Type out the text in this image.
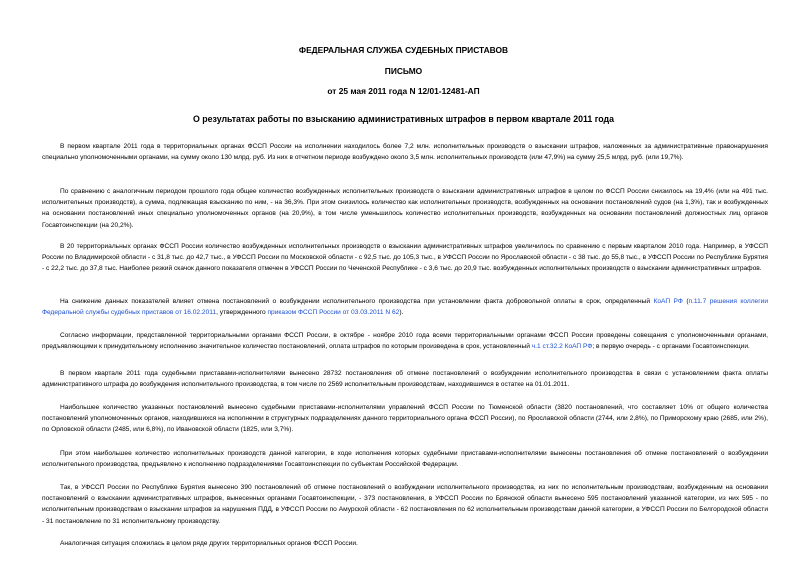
ФЕДЕРАЛЬНАЯ СЛУЖБА СУДЕБНЫХ ПРИСТАВОВ
ПИСЬМО
от 25 мая 2011 года N 12/01-12481-АП
О результатах работы по взысканию административных штрафов в первом квартале 2011 года

В первом квартале 2011 года в территориальных органах ФССП России на исполнении находилось более 7,2 млн. исполнительных производств о взыскании штрафов, наложенных за административные правонарушения специально уполномоченными органами, на сумму около 130 млрд. руб. Из них в отчетном периоде возбуждено около 3,5 млн. исполнительных производств (или 47,9%) на сумму 25,5 млрд. руб. (или 19,7%).

По сравнению с аналогичным периодом прошлого года общее количество возбужденных исполнительных производств о взыскании административных штрафов в целом по ФССП России снизилось на 19,4% (или на 491 тыс. исполнительных производств), а сумма, подлежащая взысканию по ним, - на 36,3%. При этом снизилось количество как исполнительных производств, возбужденных на основании постановлений судов (на 1,3%), так и возбужденных на основании постановлений иных специально уполномоченных органов (на 20,9%), в том числе уменьшилось количество исполнительных производств, возбужденных на основании постановлений должностных лиц органов Госавтоинспекции (на 20,2%).

В 20 территориальных органах ФССП России количество возбужденных исполнительных производств о взыскании административных штрафов увеличилось по сравнению с первым кварталом 2010 года. Например, в УФССП России по Владимирской области - с 31,8 тыс. до 42,7 тыс., в УФССП России по Московской области - с 92,5 тыс. до 105,3 тыс., в УФССП России по Ярославской области - с 38 тыс. до 55,8 тыс., в УФССП России по Республике Бурятия - с 22,2 тыс. до 37,8 тыс. Наиболее резкий скачок данного показателя отмечен в УФССП России по Чеченской Республике - с 3,6 тыс. до 20,9 тыс. возбужденных исполнительных производств о взыскании административных штрафов.

На снижение данных показателей влияет отмена постановлений о возбуждении исполнительного производства при установлении факта добровольной оплаты в срок, определенный КоАП РФ (п.11.7 решения коллегии Федеральной службы судебных приставов от 16.02.2011, утвержденного приказом ФССП России от 03.03.2011 N 62).

Согласно информации, представленной территориальными органами ФССП России, в октябре - ноябре 2010 года всеми территориальными органами ФССП России проведены совещания с уполномоченными органами, предъявляющими к принудительному исполнению значительное количество постановлений, оплата штрафов по которым произведена в срок, установленный ч.1 ст.32.2 КоАП РФ; в первую очередь - с органами Госавтоинспекции.

В первом квартале 2011 года судебными приставами-исполнителями вынесено 28732 постановления об отмене постановлений о возбуждении исполнительного производства в связи с установлением факта оплаты административного штрафа до возбуждения исполнительного производства, в том числе по 2569 исполнительным производствам, находившимся в остатке на 01.01.2011.

Наибольшее количество указанных постановлений вынесено судебными приставами-исполнителями управлений ФССП России по Тюменской области (3820 постановлений, что составляет 10% от общего количества постановлений уполномоченных органов, находившихся на исполнении в структурных подразделениях данного территориального органа ФССП России), по Ярославской области (2744, или 2,8%), по Приморскому краю (2685, или 2%), по Орловской области (2485, или 6,8%), по Ивановской области (1825, или 3,7%).

При этом наибольшее количество исполнительных производств данной категории, в ходе исполнения которых судебными приставами-исполнителями вынесены постановления об отмене постановлений о возбуждении исполнительного производства, предъявлено к исполнению подразделениями Госавтоинспекции по субъектам Российской Федерации.

Так, в УФССП России по Республике Бурятия вынесено 390 постановлений об отмене постановлений о возбуждении исполнительного производства, из них по исполнительным производствам, возбужденным на основании постановлений о взыскании административных штрафов, вынесенных органами Госавтоинспекции, - 373 постановления, в УФССП России по Брянской области вынесено 595 постановлений указанной категории, из них 595 - по исполнительным производствам о взыскании штрафов за нарушения ПДД, в УФССП России по Амурской области - 62 постановления по 62 исполнительным производствам данной категории, в УФССП России по Белгородской области - 31 постановление по 31 исполнительному производству.

Аналогичная ситуация сложилась в целом ряде других территориальных органов ФССП России.
